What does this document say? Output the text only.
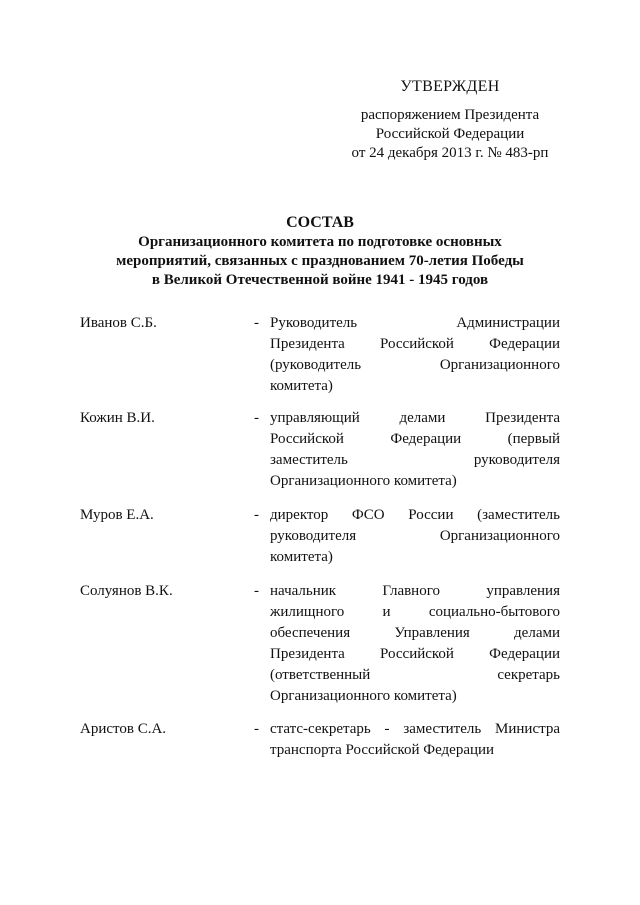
УТВЕРЖДЕН
распоряжением Президента
Российской Федерации
от 24 декабря 2013 г. № 483-рп
СОСТАВ
Организационного комитета по подготовке основных
мероприятий, связанных с празднованием 70-летия Победы
в Великой Отечественной войне 1941 - 1945 годов
Иванов С.Б.	- Руководитель Администрации
Президента Российской Федерации
(руководитель Организационного
комитета)
Кожин В.И.	- управляющий делами Президента
Российской Федерации (первый
заместитель руководителя
Организационного комитета)
Муров Е.А.	- директор ФСО России (заместитель
руководителя Организационного
комитета)
Солуянов В.К.	- начальник Главного управления
жилищного и социально-бытового
обеспечения Управления делами
Президента Российской Федерации
(ответственный секретарь
Организационного комитета)
Аристов С.А.	- статс-секретарь - заместитель Министра
транспорта Российской Федерации
